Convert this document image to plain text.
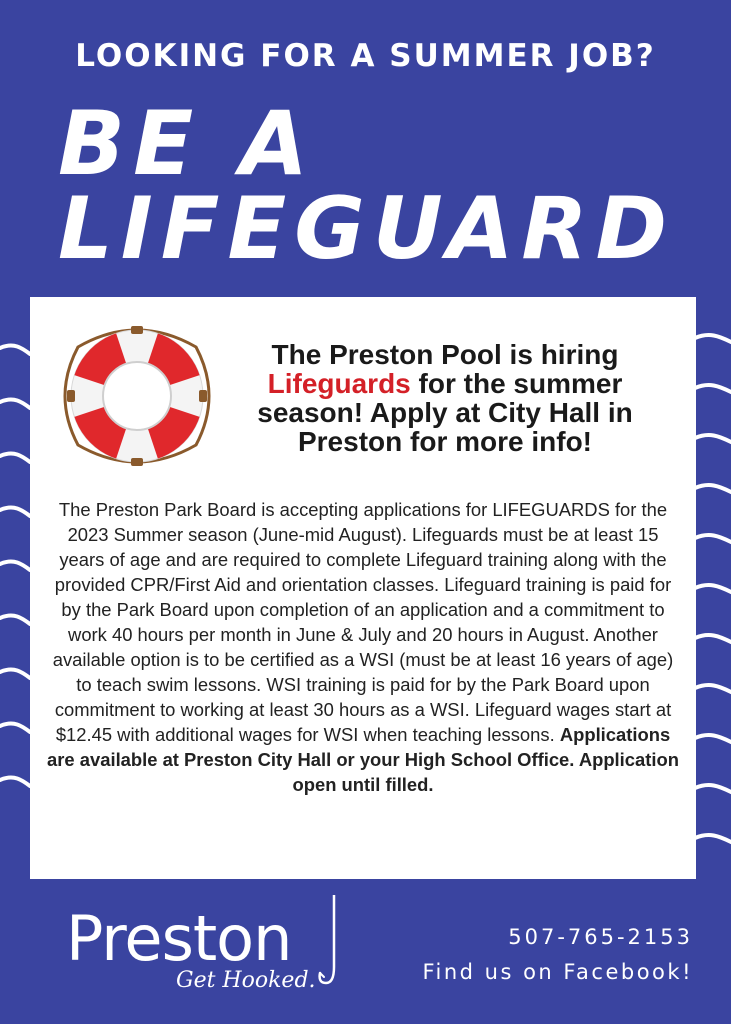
LOOKING FOR A SUMMER JOB?
BE A
LIFEGUARD
The Preston Pool is hiring
Lifeguards for the summer season! Apply at City Hall in Preston for more info!
The Preston Park Board is accepting applications for LIFEGUARDS for the 2023 Summer season (June-mid August). Lifeguards must be at least 15 years of age and are required to complete Lifeguard training along with the provided CPR/First Aid and orientation classes. Lifeguard training is paid for by the Park Board upon completion of an application and a commitment to work 40 hours per month in June & July and 20 hours in August. Another available option is to be certified as a WSI (must be at least 16 years of age) to teach swim lessons. WSI training is paid for by the Park Board upon commitment to working at least 30 hours as a WSI. Lifeguard wages start at $12.45 with additional wages for WSI when teaching lessons. Applications are available at Preston City Hall or your High School Office. Application open until filled.
Preston
Get Hooked.
507-765-2153
Find us on Facebook!
